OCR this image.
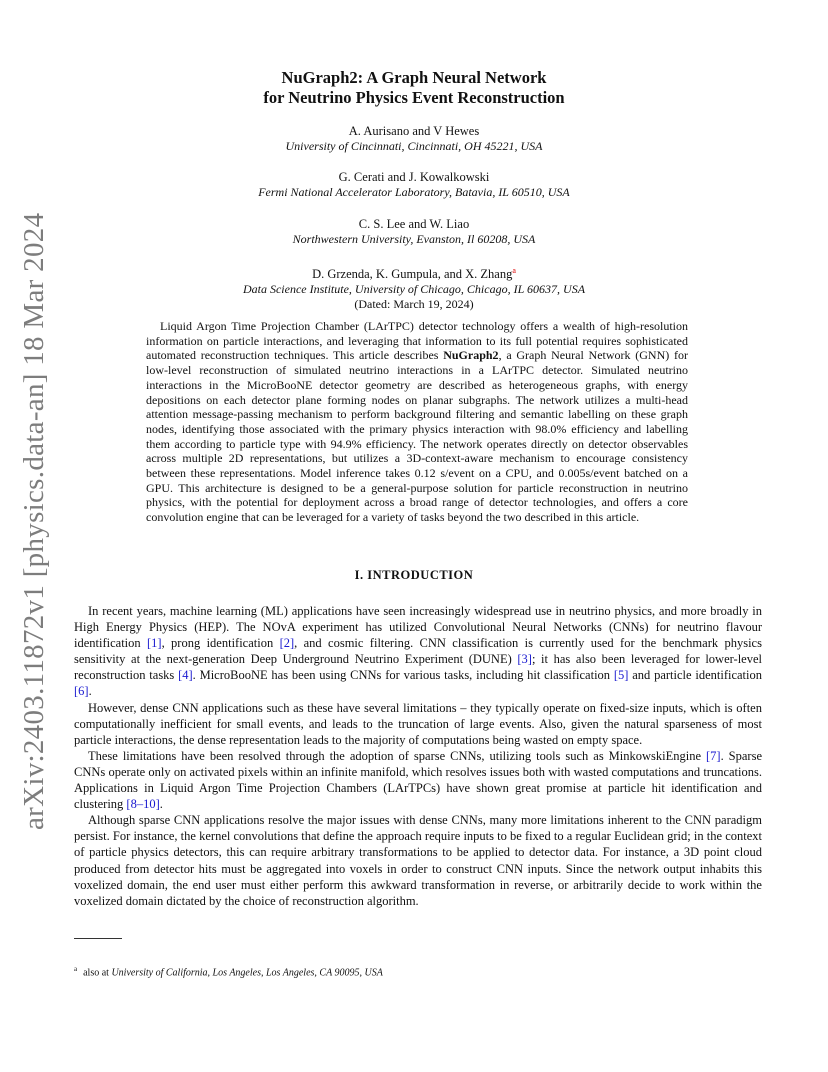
arXiv:2403.11872v1 [physics.data-an] 18 Mar 2024
NuGraph2: A Graph Neural Network
for Neutrino Physics Event Reconstruction
A. Aurisano and V Hewes
University of Cincinnati, Cincinnati, OH 45221, USA
G. Cerati and J. Kowalkowski
Fermi National Accelerator Laboratory, Batavia, IL 60510, USA
C. S. Lee and W. Liao
Northwestern University, Evanston, Il 60208, USA
D. Grzenda, K. Gumpula, and X. Zhang$^a$
Data Science Institute, University of Chicago, Chicago, IL 60637, USA
(Dated: March 19, 2024)
Liquid Argon Time Projection Chamber (LArTPC) detector technology offers a wealth of high-resolution information on particle interactions, and leveraging that information to its full potential requires sophisticated automated reconstruction techniques. This article describes NuGraph2, a Graph Neural Network (GNN) for low-level reconstruction of simulated neutrino interactions in a LArTPC detector. Simulated neutrino interactions in the MicroBooNE detector geometry are described as heterogeneous graphs, with energy depositions on each detector plane forming nodes on planar subgraphs. The network utilizes a multi-head attention message-passing mechanism to perform background filtering and semantic labelling on these graph nodes, identifying those associated with the primary physics interaction with 98.0% efficiency and labelling them according to particle type with 94.9% efficiency. The network operates directly on detector observables across multiple 2D representations, but utilizes a 3D-context-aware mechanism to encourage consistency between these representations. Model inference takes 0.12 s/event on a CPU, and 0.005s/event batched on a GPU. This architecture is designed to be a general-purpose solution for particle reconstruction in neutrino physics, with the potential for deployment across a broad range of detector technologies, and offers a core convolution engine that can be leveraged for a variety of tasks beyond the two described in this article.
I. INTRODUCTION

In recent years, machine learning (ML) applications have seen increasingly widespread use in neutrino physics, and more broadly in High Energy Physics (HEP). The NOvA experiment has utilized Convolutional Neural Networks (CNNs) for neutrino flavour identification [1], prong identification [2], and cosmic filtering. CNN classification is currently used for the benchmark physics sensitivity at the next-generation Deep Underground Neutrino Experiment (DUNE) [3]; it has also been leveraged for lower-level reconstruction tasks [4]. MicroBooNE has been using CNNs for various tasks, including hit classification [5] and particle identification [6].

However, dense CNN applications such as these have several limitations – they typically operate on fixed-size inputs, which is often computationally inefficient for small events, and leads to the truncation of large events. Also, given the natural sparseness of most particle interactions, the dense representation leads to the majority of computations being wasted on empty space.

These limitations have been resolved through the adoption of sparse CNNs, utilizing tools such as MinkowskiEngine [7]. Sparse CNNs operate only on activated pixels within an infinite manifold, which resolves issues both with wasted computations and truncations. Applications in Liquid Argon Time Projection Chambers (LArTPCs) have shown great promise at particle hit identification and clustering [8–10].

Although sparse CNN applications resolve the major issues with dense CNNs, many more limitations inherent to the CNN paradigm persist. For instance, the kernel convolutions that define the approach require inputs to be fixed to a regular Euclidean grid; in the context of particle physics detectors, this can require arbitrary transformations to be applied to detector data. For instance, a 3D point cloud produced from detector hits must be aggregated into voxels in order to construct CNN inputs. Since the network output inhabits this voxelized domain, the end user must either perform this awkward transformation in reverse, or arbitrarily decide to work within the voxelized domain dictated by the choice of reconstruction algorithm.

$^a$ also at University of California, Los Angeles, Los Angeles, CA 90095, USA
